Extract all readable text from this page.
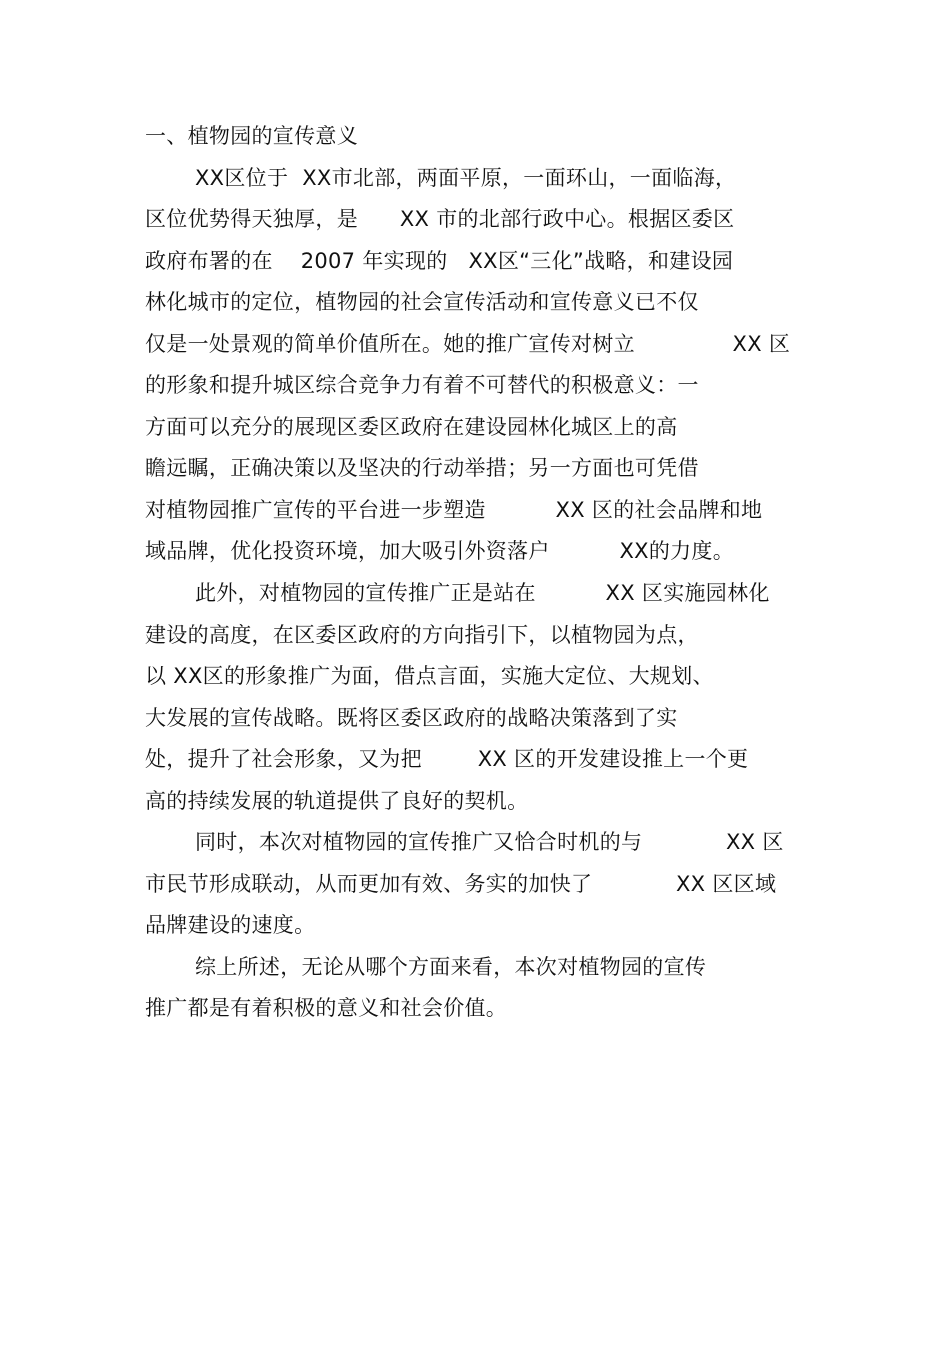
一、植物园的宣传意义
XX区位于  XX市北部，两面平原，一面环山，一面临海，
区位优势得天独厚，是      XX 市的北部行政中心。根据区委区
政府布署的在    2007 年实现的   XX区“三化”战略，和建设园
林化城市的定位，植物园的社会宣传活动和宣传意义已不仅
仅是一处景观的简单价值所在。她的推广宣传对树立              XX 区
的形象和提升城区综合竞争力有着不可替代的积极意义：一
方面可以充分的展现区委区政府在建设园林化城区上的高
瞻远瞩，正确决策以及坚决的行动举措；另一方面也可凭借
对植物园推广宣传的平台进一步塑造          XX 区的社会品牌和地
域品牌，优化投资环境，加大吸引外资落户          XX的力度。
此外，对植物园的宣传推广正是站在          XX 区实施园林化
建设的高度，在区委区政府的方向指引下，以植物园为点，
以 XX区的形象推广为面，借点言面，实施大定位、大规划、
大发展的宣传战略。既将区委区政府的战略决策落到了实
处，提升了社会形象，又为把        XX 区的开发建设推上一个更
高的持续发展的轨道提供了良好的契机。
同时，本次对植物园的宣传推广又恰合时机的与            XX 区
市民节形成联动，从而更加有效、务实的加快了            XX 区区域
品牌建设的速度。
综上所述，无论从哪个方面来看，本次对植物园的宣传
推广都是有着积极的意义和社会价值。
